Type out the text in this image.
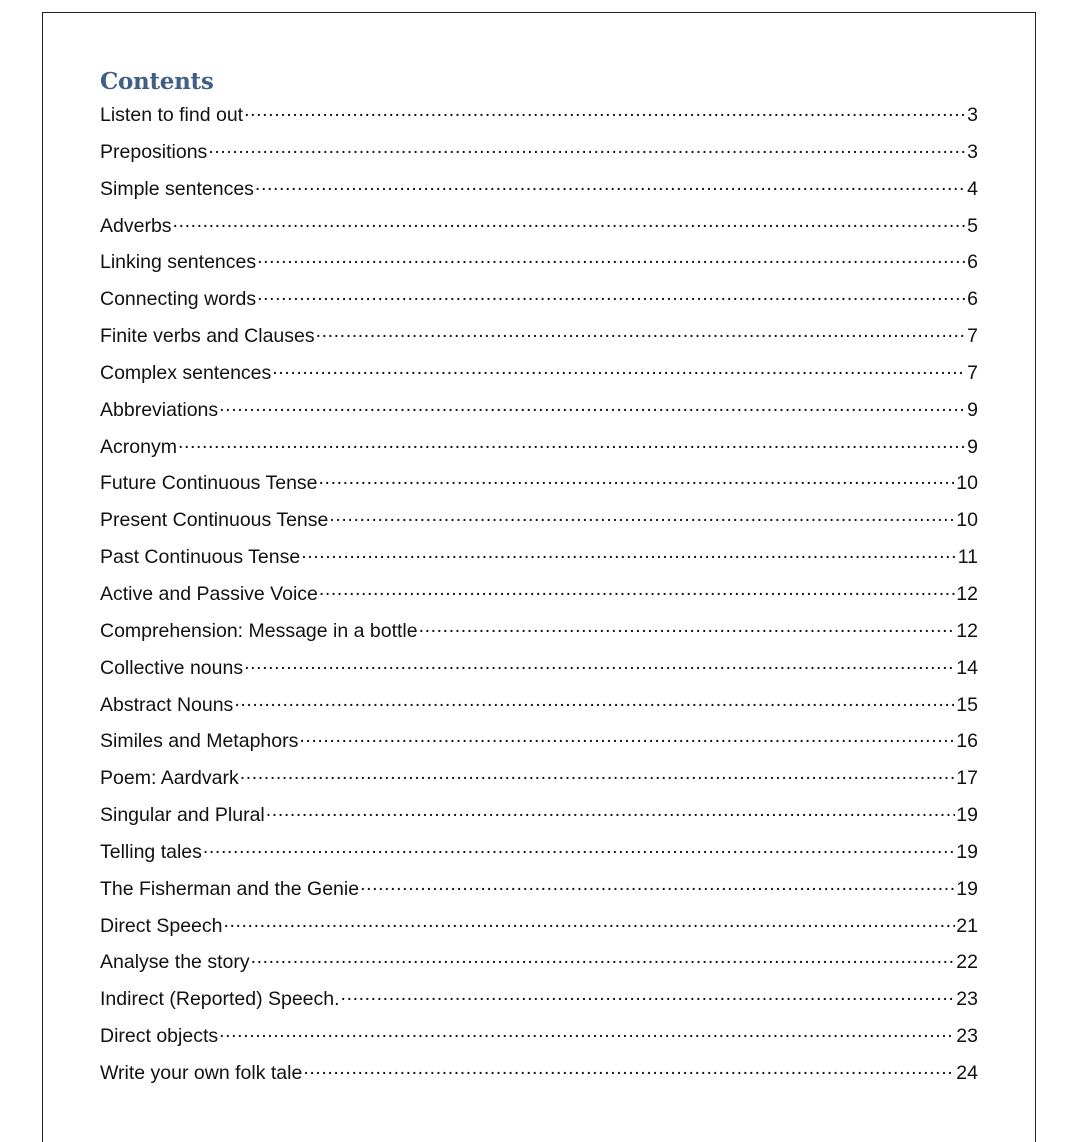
Contents
Listen to find out .....	3
Prepositions .....	3
Simple sentences .....	4
Adverbs .....	5
Linking sentences .....	6
Connecting words .....	6
Finite verbs and Clauses .....	7
Complex sentences .....	7
Abbreviations .....	9
Acronym .....	9
Future Continuous Tense .....	10
Present Continuous Tense .....	10
Past Continuous Tense .....	11
Active and Passive Voice .....	12
Comprehension: Message in a bottle .....	12
Collective nouns .....	14
Abstract Nouns .....	15
Similes and Metaphors .....	16
Poem: Aardvark .....	17
Singular and Plural .....	19
Telling tales .....	19
The Fisherman and the Genie .....	19
Direct Speech .....	21
Analyse the story .....	22
Indirect (Reported) Speech. .....	23
Direct objects .....	23
Write your own folk tale .....	24
